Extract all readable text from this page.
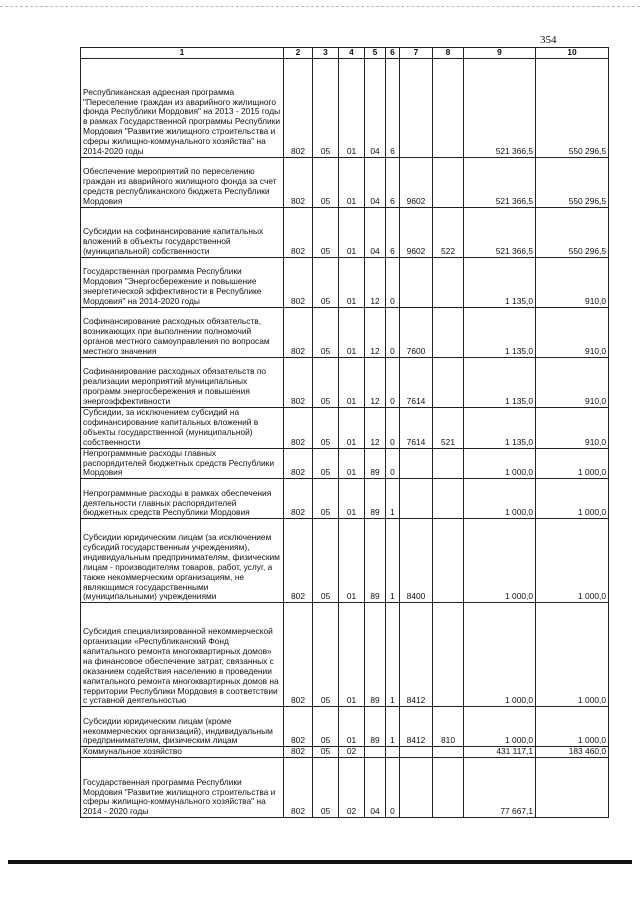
354
1	2	3	4	5	6	7	8	9	10
Республиканская адресная программа "Переселение граждан из аварийного жилищного фонда Республики Мордовия" на 2013 - 2015 годы в рамках Государственной программы Республики Мордовия "Развитие жилищного строительства и сферы жилищно-коммунального хозяйства" на 2014-2020 годы	802	05	01	04	6			521 366,5	550 296,5
Обеспечение мероприятий по переселению граждан из аварийного жилищного фонда за счет средств республиканского бюджета Республики Мордовия	802	05	01	04	6	9602		521 366,5	550 296,5
Субсидии на софинансирование капитальных вложений в объекты государственной (муниципальной) собственности	802	05	01	04	6	9602	522	521 366,5	550 296,5
Государственная программа Республики Мордовия "Энергосбережение и повышение энергетической эффективности в Республике Мордовия" на 2014-2020 годы	802	05	01	12	0			1 135,0	910,0
Софинансирование расходных обязательств, возникающих при выполнении полномочий органов местного самоуправления по вопросам местного значения	802	05	01	12	0	7600		1 135,0	910,0
Софинанирование расходных обязательств по реализации мероприятий муниципальных программ энергосбережения и повышения энергоэффективности	802	05	01	12	0	7614		1 135,0	910,0
Субсидии, за исключением субсидий на софинансирование капитальных вложений в объекты государственной (муниципальной) собственности	802	05	01	12	0	7614	521	1 135,0	910,0
Непрограммные расходы главных распорядителей бюджетных средств Республики Мордовия	802	05	01	89	0			1 000,0	1 000,0
Непрограммные расходы в рамках обеспечения деятельности главных распорядителей бюджетных средств Республики Мордовия	802	05	01	89	1			1 000,0	1 000,0
Субсидии юридическим лицам (за исключением субсидий государственным учреждениям), индивидуальным предпринимателям, физическим лицам - производителям товаров, работ, услуг, а также некоммерческим организациям, не являющимся государственными (муниципальными) учреждениями	802	05	01	89	1	8400		1 000,0	1 000,0
Субсидия специализированной некоммерческой организации «Республиканский Фонд капитального ремонта многоквартирных домов» на финансовое обеспечение затрат, связанных с оказанием содействия населению в проведении капитального ремонта многоквартирных домов на территории Республики Мордовия в соответствии с уставной деятельностью	802	05	01	89	1	8412		1 000,0	1 000,0
Субсидии юридическим лицам (кроме некоммерческих организаций), индивидуальным предпринимателям, физическим лицам	802	05	01	89	1	8412	810	1 000,0	1 000,0
Коммунальное хозяйство	802	05	02					431 117,1	183 460,0
Государственная программа Республики Мордовия "Развитие жилищного строительства и сферы жилищно-коммунального хозяйства" на 2014 - 2020 годы	802	05	02	04	0			77 667,1	
